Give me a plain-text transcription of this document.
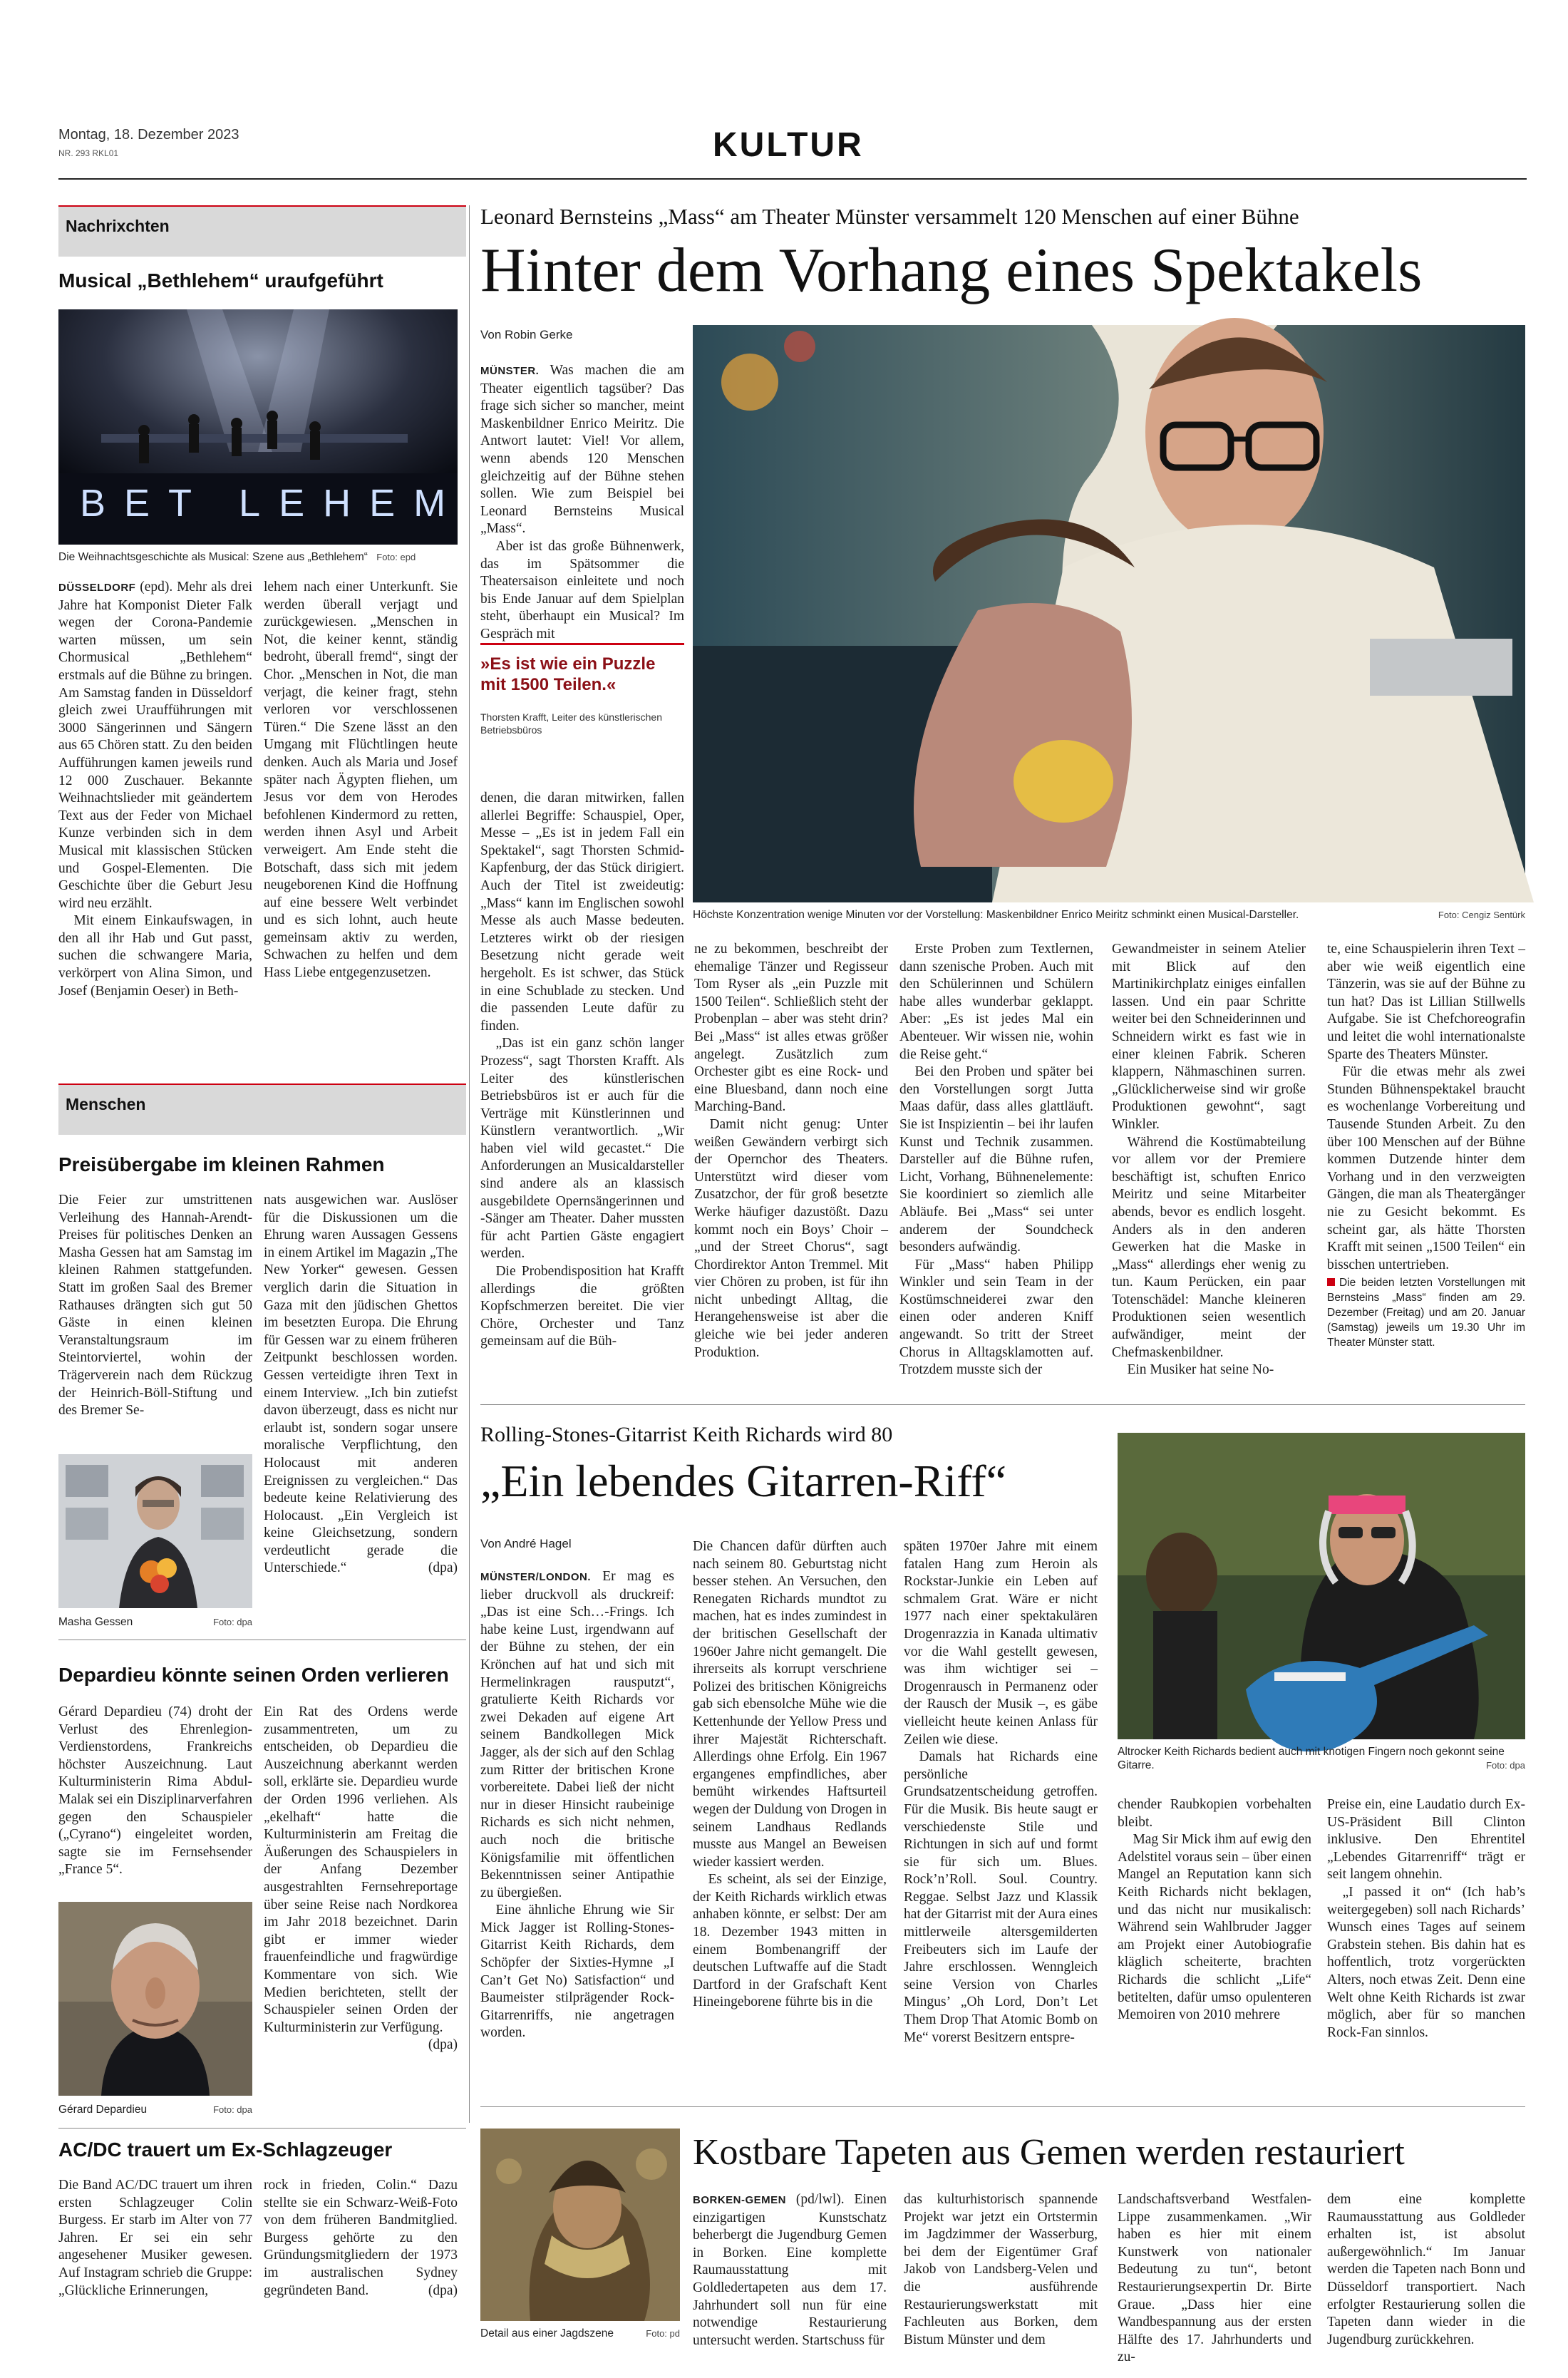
Montag, 18. Dezember 2023
NR. 293 RKL01	KULTUR
Nachrixchten
Musical „Bethlehem“ uraufgeführt
BET LEHEM
Die Weihnachtsgeschichte als Musical: Szene aus „Bethlehem“ Foto: epd

DÜSSELDORF (epd). Mehr als drei Jahre hat Komponist Dieter Falk wegen der Corona-Pandemie warten müssen, um sein Chormusical „Bethlehem“ erstmals auf die Bühne zu bringen. Am Samstag fanden in Düsseldorf gleich zwei Uraufführungen mit 3000 Sängerinnen und Sängern aus 65 Chören statt. Zu den beiden Aufführungen kamen jeweils rund 12 000 Zuschauer. Bekannte Weihnachtslieder mit geändertem Text aus der Feder von Michael Kunze verbinden sich in dem Musical mit klassischen Stücken und Gospel-Elementen. Die Geschichte über die Geburt Jesu wird neu erzählt.

Mit einem Einkaufswagen, in den all ihr Hab und Gut passt, suchen die schwangere Maria, verkörpert von Alina Simon, und Josef (Benjamin Oeser) in Beth-

lehem nach einer Unterkunft. Sie werden überall verjagt und zurückgewiesen. „Menschen in Not, die keiner kennt, ständig bedroht, überall fremd“, singt der Chor. „Menschen in Not, die man verjagt, die keiner fragt, stehn verloren vor verschlossenen Türen.“ Die Szene lässt an den Umgang mit Flüchtlingen heute denken. Auch als Maria und Josef später nach Ägypten fliehen, um Jesus vor dem von Herodes befohlenen Kindermord zu retten, werden ihnen Asyl und Arbeit verweigert. Am Ende steht die Botschaft, dass sich mit jedem neugeborenen Kind die Hoffnung auf eine bessere Welt verbindet und es sich lohnt, auch heute gemeinsam aktiv zu werden, Schwachen zu helfen und dem Hass Liebe entgegenzusetzen.

Menschen
Preisübergabe im kleinen Rahmen

Die Feier zur umstrittenen Verleihung des Hannah-Arendt-Preises für politisches Denken an Masha Gessen hat am Samstag im kleinen Rahmen stattgefunden. Statt im großen Saal des Bremer Rathauses drängten sich gut 50 Gäste in einen kleinen Veranstaltungsraum im Steintorviertel, wohin der Trägerverein nach dem Rückzug der Heinrich-Böll-Stiftung und des Bremer Se-

Masha Gessen	Foto: dpa

nats ausgewichen war. Auslöser für die Diskussionen um die Ehrung waren Aussagen Gessens in einem Artikel im Magazin „The New Yorker“ gewesen. Gessen verglich darin die Situation in Gaza mit den jüdischen Ghettos im besetzten Europa. Die Ehrung für Gessen war zu einem früheren Zeitpunkt beschlossen worden. Gessen verteidigte ihren Text in einem Interview. „Ich bin zutiefst davon überzeugt, dass es nicht nur erlaubt ist, sondern sogar unsere moralische Verpflichtung, den Holocaust mit anderen Ereignissen zu vergleichen.“ Das bedeute keine Relativierung des Holocaust. „Ein Vergleich ist keine Gleichsetzung, sondern verdeutlicht gerade die Unterschiede.“	(dpa)

Depardieu könnte seinen Orden verlieren

Gérard Depardieu (74) droht der Verlust des Ehrenlegion-Verdienstordens, Frankreichs höchster Auszeichnung. Laut Kulturministerin Rima Abdul-Malak sei ein Disziplinarverfahren gegen den Schauspieler („Cyrano“) eingeleitet worden, sagte sie im Fernsehsender „France 5“.

Gérard Depardieu	Foto: dpa

Ein Rat des Ordens werde zusammentreten, um zu entscheiden, ob Depardieu die Auszeichnung aberkannt werden soll, erklärte sie. Depardieu wurde der Orden 1996 verliehen. Als „ekelhaft“ hatte die Kulturministerin am Freitag die Äußerungen des Schauspielers in der Anfang Dezember ausgestrahlten Fernsehreportage über seine Reise nach Nordkorea im Jahr 2018 bezeichnet. Darin gibt er immer wieder frauenfeindliche und fragwürdige Kommentare von sich. Wie Medien berichteten, stellt der Schauspieler seinen Orden der Kulturministerin zur Verfügung.
(dpa)

AC/DC trauert um Ex-Schlagzeuger

Die Band AC/DC trauert um ihren ersten Schlagzeuger Colin Burgess. Er starb im Alter von 77 Jahren. Er sei ein sehr angesehener Musiker gewesen. Auf Instagram schrieb die Gruppe: „Glückliche Erinnerungen,

rock in frieden, Colin.“ Dazu stellte sie ein Schwarz-Weiß-Foto von dem früheren Bandmitglied. Burgess gehörte zu den Gründungsmitgliedern der 1973 im australischen Sydney gegründeten Band.	(dpa)

Leonard Bernsteins „Mass“ am Theater Münster versammelt 120 Menschen auf einer Bühne
Hinter dem Vorhang eines Spektakels
Von Robin Gerke

MÜNSTER. Was machen die am Theater eigentlich tagsüber? Das frage sich sicher so mancher, meint Maskenbildner Enrico Meiritz. Die Antwort lautet: Viel! Vor allem, wenn abends 120 Menschen gleichzeitig auf der Bühne stehen sollen. Wie zum Beispiel bei Leonard Bernsteins Musical „Mass“.

Aber ist das große Bühnenwerk, das im Spätsommer die Theatersaison einleitete und noch bis Ende Januar auf dem Spielplan steht, überhaupt ein Musical? Im Gespräch mit

»Es ist wie ein Puzzle mit 1500 Teilen.«
Thorsten Krafft, Leiter des künstlerischen Betriebsbüros
Höchste Konzentration wenige Minuten vor der Vorstellung: Maskenbildner Enrico Meiritz schminkt einen Musical-Darsteller.	Foto: Cengiz Sentürk

denen, die daran mitwirken, fallen allerlei Begriffe: Schauspiel, Oper, Messe – „Es ist in jedem Fall ein Spektakel“, sagt Thorsten Schmid-Kapfenburg, der das Stück dirigiert. Auch der Titel ist zweideutig: „Mass“ kann im Englischen sowohl Messe als auch Masse bedeuten. Letzteres wirkt ob der riesigen Besetzung nicht gerade weit hergeholt. Es ist schwer, das Stück in eine Schublade zu stecken. Und die passenden Leute dafür zu finden.

„Das ist ein ganz schön langer Prozess“, sagt Thorsten Krafft. Als Leiter des künstlerischen Betriebsbüros ist er auch für die Verträge mit Künstlerinnen und Künstlern verantwortlich. „Wir haben viel wild gecastet.“ Die Anforderungen an Musicaldarsteller sind andere als an klassisch ausgebildete Opernsängerinnen und -Sänger am Theater. Daher mussten für acht Partien Gäste engagiert werden.

Die Probendisposition hat Krafft allerdings die größten Kopfschmerzen bereitet. Die vier Chöre, Orchester und Tanz gemeinsam auf die Büh-

ne zu bekommen, beschreibt der ehemalige Tänzer und Regisseur Tom Ryser als „ein Puzzle mit 1500 Teilen“. Schließlich steht der Probenplan – aber was steht drin? Bei „Mass“ ist alles etwas größer angelegt. Zusätzlich zum Orchester gibt es eine Rock- und eine Bluesband, dann noch eine Marching-Band.

Damit nicht genug: Unter weißen Gewändern verbirgt sich der Opernchor des Theaters. Unterstützt wird dieser vom Zusatzchor, der für groß besetzte Werke häufiger dazustößt. Dazu kommt noch ein Boys’ Choir – „und der Street Chorus“, sagt Chordirektor Anton Tremmel. Mit vier Chören zu proben, ist für ihn nicht unbedingt Alltag, die Herangehensweise ist aber die gleiche wie bei jeder anderen Produktion.

Erste Proben zum Textlernen, dann szenische Proben. Auch mit den Schülerinnen und Schülern habe alles wunderbar geklappt. Aber: „Es ist jedes Mal ein Abenteuer. Wir wissen nie, wohin die Reise geht.“

Bei den Proben und später bei den Vorstellungen sorgt Jutta Maas dafür, dass alles glattläuft. Sie ist Inspizientin – bei ihr laufen Kunst und Technik zusammen. Darsteller auf die Bühne rufen, Licht, Vorhang, Bühnenelemente: Sie koordiniert so ziemlich alle Abläufe. Bei „Mass“ sei unter anderem der Soundcheck besonders aufwändig.

Für „Mass“ haben Philipp Winkler und sein Team in der Kostümschneiderei zwar den einen oder anderen Kniff angewandt. So tritt der Street Chorus in Alltagsklamotten auf. Trotzdem musste sich der

Gewandmeister in seinem Atelier mit Blick auf den Martinikirchplatz einiges einfallen lassen. Und ein paar Schritte weiter bei den Schneiderinnen und Schneidern wirkt es fast wie in einer kleinen Fabrik. Scheren klappern, Nähmaschinen surren. „Glücklicherweise sind wir große Produktionen gewohnt“, sagt Winkler.

Während die Kostümabteilung vor allem vor der Premiere beschäftigt ist, schuften Enrico Meiritz und seine Mitarbeiter abends, bevor es endlich losgeht. Anders als in den anderen Gewerken hat die Maske in „Mass“ allerdings eher wenig zu tun. Kaum Perücken, ein paar Totenschädel: Manche kleineren Produktionen seien wesentlich aufwändiger, meint der Chefmaskenbildner.

Ein Musiker hat seine No-

te, eine Schauspielerin ihren Text – aber wie weiß eigentlich eine Tänzerin, was sie auf der Bühne zu tun hat? Das ist Lillian Stillwells Aufgabe. Sie ist Chefchoreografin und leitet die wohl internationalste Sparte des Theaters Münster.

Für die etwas mehr als zwei Stunden Bühnenspektakel braucht es wochenlange Vorbereitung und Tausende Stunden Arbeit. Zu den über 100 Menschen auf der Bühne kommen Dutzende hinter dem Vorhang und in den verzweigten Gängen, die man als Theatergänger nie zu Gesicht bekommt. Es scheint gar, als hätte Thorsten Krafft mit seinen „1500 Teilen“ ein bisschen untertrieben.

Die beiden letzten Vorstellungen mit Bernsteins „Mass“ finden am 29. Dezember (Freitag) und am 20. Januar (Samstag) jeweils um 19.30 Uhr im Theater Münster statt.
Rolling-Stones-Gitarrist Keith Richards wird 80
„Ein lebendes Gitarren-Riff“
Von André Hagel

MÜNSTER/LONDON. Er mag es lieber druckvoll als druckreif: „Das ist eine Sch…-Frings. Ich habe keine Lust, irgendwann auf der Bühne zu stehen, der ein Krönchen auf hat und sich mit Hermelinkragen rausputzt“, gratulierte Keith Richards vor zwei Dekaden auf eigene Art seinem Bandkollegen Mick Jagger, als der sich auf den Schlag zum Ritter der britischen Krone vorbereitete. Dabei ließ der nicht nur in dieser Hinsicht raubeinige Richards es sich nicht nehmen, auch noch die britische Königsfamilie mit öffentlichen Bekenntnissen seiner Antipathie zu übergießen.

Eine ähnliche Ehrung wie Sir Mick Jagger ist Rolling-Stones-Gitarrist Keith Richards, dem Schöpfer der Sixties-Hymne „I Can’t Get No) Satisfaction“ und Baumeister stilprägender Rock-Gitarrenriffs, nie angetragen worden.

Die Chancen dafür dürften auch nach seinem 80. Geburtstag nicht besser stehen. An Versuchen, den Renegaten Richards mundtot zu machen, hat es indes zumindest in der britischen Gesellschaft der 1960er Jahre nicht gemangelt. Die ihrerseits als korrupt verschriene Polizei des britischen Königreichs gab sich ebensolche Mühe wie die Kettenhunde der Yellow Press und ihrer Majestät Richterschaft. Allerdings ohne Erfolg. Ein 1967 ergangenes empfindliches, aber bemüht wirkendes Haftsurteil wegen der Duldung von Drogen in seinem Landhaus Redlands musste aus Mangel an Beweisen wieder kassiert werden.

Es scheint, als sei der Einzige, der Keith Richards wirklich etwas anhaben könnte, er selbst: Der am 18. Dezember 1943 mitten in einem Bombenangriff der deutschen Luftwaffe auf die Stadt Dartford in der Grafschaft Kent Hineingeborene führte bis in die

späten 1970er Jahre mit einem fatalen Hang zum Heroin als Rockstar-Junkie ein Leben auf schmalem Grat. Wäre er nicht 1977 nach einer spektakulären Drogenrazzia in Kanada ultimativ vor die Wahl gestellt gewesen, was ihm wichtiger sei – Drogenrausch in Permanenz oder der Rausch der Musik –, es gäbe vielleicht heute keinen Anlass für Zeilen wie diese.

Damals hat Richards eine persönliche Grundsatzentscheidung getroffen. Für die Musik. Bis heute saugt er verschiedenste Stile und Richtungen in sich auf und formt sie für sich um. Blues. Rock’n’Roll. Soul. Country. Reggae. Selbst Jazz und Klassik hat der Gitarrist mit der Aura eines mittlerweile altersgemilderten Freibeuters sich im Laufe der Jahre erschlossen. Wenngleich seine Version von Charles Mingus’ „Oh Lord, Don’t Let Them Drop That Atomic Bomb on Me“ vorerst Besitzern entspre-

Altrocker Keith Richards bedient auch mit knotigen Fingern noch gekonnt seine Gitarre.	Foto: dpa

chender Raubkopien vorbehalten bleibt.

Mag Sir Mick ihm auf ewig den Adelstitel voraus sein – über einen Mangel an Reputation kann sich Keith Richards nicht beklagen, und das nicht nur musikalisch: Während sein Wahlbruder Jagger am Projekt einer Autobiografie kläglich scheiterte, brachten Richards die schlicht „Life“ betitelten, dafür umso opulenteren Memoiren von 2010 mehrere

Preise ein, eine Laudatio durch Ex-US-Präsident Bill Clinton inklusive. Den Ehrentitel „Lebendes Gitarrenriff“ trägt er seit langem ohnehin.

„I passed it on“ (Ich hab’s weitergegeben) soll nach Richards’ Wunsch eines Tages auf seinem Grabstein stehen. Bis dahin hat es hoffentlich, trotz vorgerückten Alters, noch etwas Zeit. Denn eine Welt ohne Keith Richards ist zwar möglich, aber für so manchen Rock-Fan sinnlos.

Detail aus einer Jagdszene	Foto: pd
Kostbare Tapeten aus Gemen werden restauriert

BORKEN-GEMEN (pd/lwl). Einen einzigartigen Kunstschatz beherbergt die Jugendburg Gemen in Borken. Eine komplette Raumausstattung mit Goldledertapeten aus dem 17. Jahrhundert soll nun für eine notwendige Restaurierung untersucht werden. Startschuss für

das kulturhistorisch spannende Projekt war jetzt ein Ortstermin im Jagdzimmer der Wasserburg, bei dem der Eigentümer Graf Jakob von Landsberg-Velen und die ausführende Restaurierungswerkstatt mit Fachleuten aus Borken, dem Bistum Münster und dem

Landschaftsverband Westfalen-Lippe zusammenkamen. „Wir haben es hier mit einem Kunstwerk von nationaler Bedeutung zu tun“, betont Restaurierungsexpertin Dr. Birte Graue. „Dass hier eine Wandbespannung aus der ersten Hälfte des 17. Jahrhunderts und zu-

dem eine komplette Raumausstattung aus Goldleder erhalten ist, ist absolut außergewöhnlich.“ Im Januar werden die Tapeten nach Bonn und Düsseldorf transportiert. Nach erfolgter Restaurierung sollen die Tapeten dann wieder in die Jugendburg zurückkehren.
